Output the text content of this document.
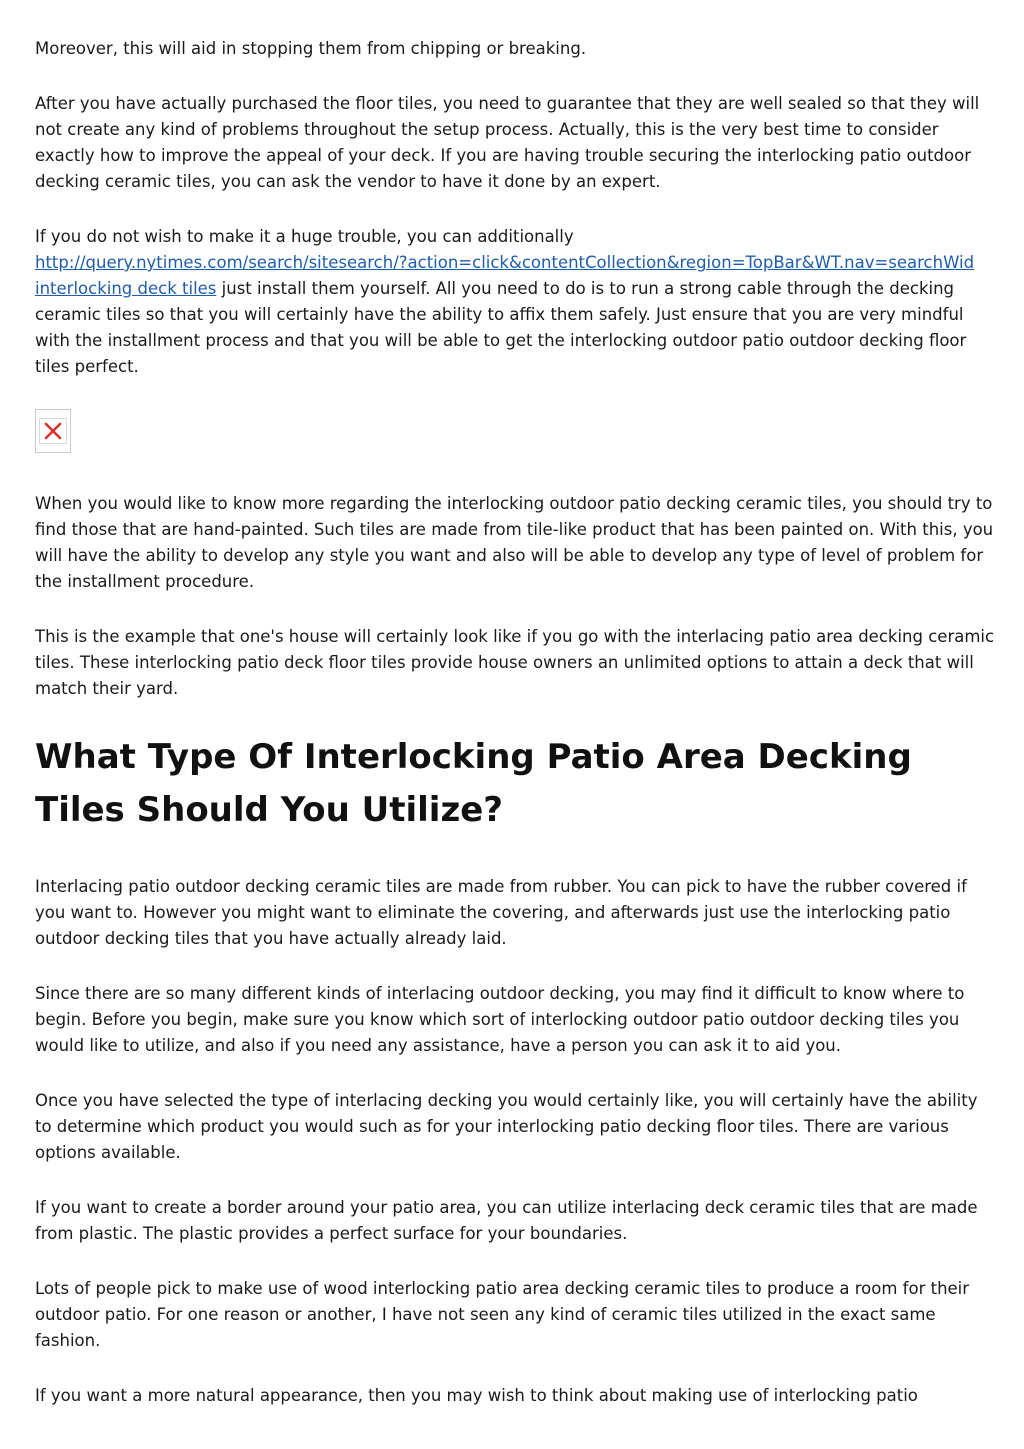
Moreover, this will aid in stopping them from chipping or breaking.

After you have actually purchased the floor tiles, you need to guarantee that they are well sealed so that they will not create any kind of problems throughout the setup process. Actually, this is the very best time to consider exactly how to improve the appeal of your deck. If you are having trouble securing the interlocking patio outdoor decking ceramic tiles, you can ask the vendor to have it done by an expert.

If you do not wish to make it a huge trouble, you can additionally
http://query.nytimes.com/search/sitesearch/?action=click&contentCollection&region=TopBar&WT.nav=searchWid
interlocking deck tiles just install them yourself. All you need to do is to run a strong cable through the decking ceramic tiles so that you will certainly have the ability to affix them safely. Just ensure that you are very mindful with the installment process and that you will be able to get the interlocking outdoor patio outdoor decking floor tiles perfect.

When you would like to know more regarding the interlocking outdoor patio decking ceramic tiles, you should try to find those that are hand-painted. Such tiles are made from tile-like product that has been painted on. With this, you will have the ability to develop any style you want and also will be able to develop any type of level of problem for the installment procedure.

This is the example that one's house will certainly look like if you go with the interlacing patio area decking ceramic tiles. These interlocking patio deck floor tiles provide house owners an unlimited options to attain a deck that will match their yard.

What Type Of Interlocking Patio Area Decking Tiles Should You Utilize?

Interlacing patio outdoor decking ceramic tiles are made from rubber. You can pick to have the rubber covered if you want to. However you might want to eliminate the covering, and afterwards just use the interlocking patio outdoor decking tiles that you have actually already laid.

Since there are so many different kinds of interlacing outdoor decking, you may find it difficult to know where to begin. Before you begin, make sure you know which sort of interlocking outdoor patio outdoor decking tiles you would like to utilize, and also if you need any assistance, have a person you can ask it to aid you.

Once you have selected the type of interlacing decking you would certainly like, you will certainly have the ability to determine which product you would such as for your interlocking patio decking floor tiles. There are various options available.

If you want to create a border around your patio area, you can utilize interlacing deck ceramic tiles that are made from plastic. The plastic provides a perfect surface for your boundaries.

Lots of people pick to make use of wood interlocking patio area decking ceramic tiles to produce a room for their outdoor patio. For one reason or another, I have not seen any kind of ceramic tiles utilized in the exact same fashion.

If you want a more natural appearance, then you may wish to think about making use of interlocking patio
